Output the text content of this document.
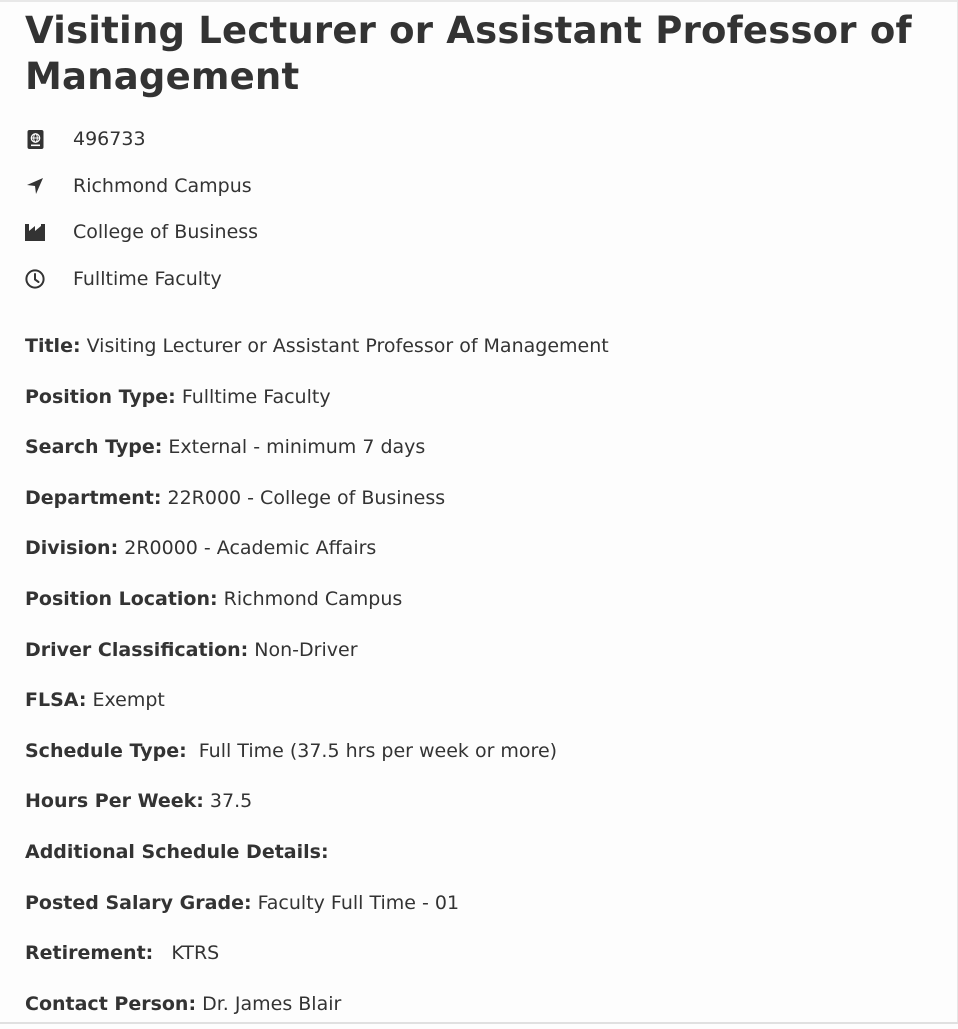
Visiting Lecturer or Assistant Professor of Management
496733
Richmond Campus
College of Business
Fulltime Faculty
Title: Visiting Lecturer or Assistant Professor of Management
Position Type: Fulltime Faculty
Search Type: External - minimum 7 days
Department: 22R000 - College of Business
Division: 2R0000 - Academic Affairs
Position Location: Richmond Campus
Driver Classification: Non-Driver
FLSA: Exempt
Schedule Type:  Full Time (37.5 hrs per week or more)
Hours Per Week: 37.5
Additional Schedule Details:
Posted Salary Grade: Faculty Full Time - 01
Retirement:   KTRS
Contact Person: Dr. James Blair
